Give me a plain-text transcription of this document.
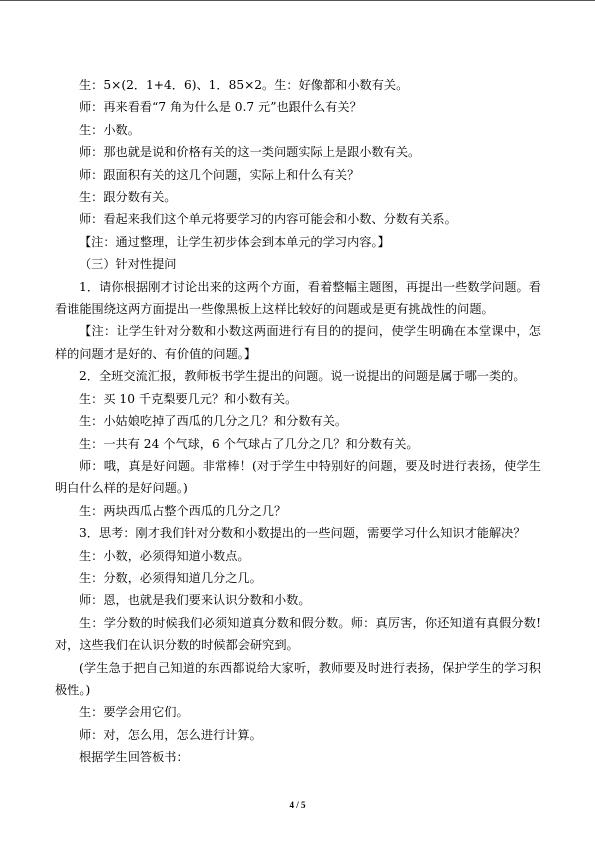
生：5×(2．1+4．6)、1．85×2。生：好像都和小数有关。

师：再来看看“7 角为什么是 0.7 元”也跟什么有关？

生：小数。

师：那也就是说和价格有关的这一类问题实际上是跟小数有关。

师：跟面积有关的这几个问题，实际上和什么有关？

生：跟分数有关。

师：看起来我们这个单元将要学习的内容可能会和小数、分数有关系。

【注：通过整理，让学生初步体会到本单元的学习内容。】

（三）针对性提问

1．请你根据刚才讨论出来的这两个方面，看着整幅主题图，再提出一些数学问题。看看谁能围绕这两方面提出一些像黑板上这样比较好的问题或是更有挑战性的问题。

【注：让学生针对分数和小数这两面进行有目的的提问，使学生明确在本堂课中，怎样的问题才是好的、有价值的问题。】

2．全班交流汇报，教师板书学生提出的问题。说一说提出的问题是属于哪一类的。

生：买 10 千克梨要几元？和小数有关。

生：小姑娘吃掉了西瓜的几分之几？和分数有关。

生：一共有 24 个气球，6 个气球占了几分之几？和分数有关。

师：哦，真是好问题。非常棒！(对于学生中特别好的问题，要及时进行表扬，使学生明白什么样的是好问题。)

生：两块西瓜占整个西瓜的几分之几？

3．思考：刚才我们针对分数和小数提出的一些问题，需要学习什么知识才能解决？

生：小数，必须得知道小数点。

生：分数，必须得知道几分之几。

师：恩，也就是我们要来认识分数和小数。

生：学分数的时候我们必须知道真分数和假分数。师：真厉害，你还知道有真假分数!对，这些我们在认识分数的时候都会研究到。

(学生急于把自己知道的东西都说给大家听，教师要及时进行表扬，保护学生的学习积极性。)

生：要学会用它们。

师：对，怎么用，怎么进行计算。

根据学生回答板书：

4 / 5
